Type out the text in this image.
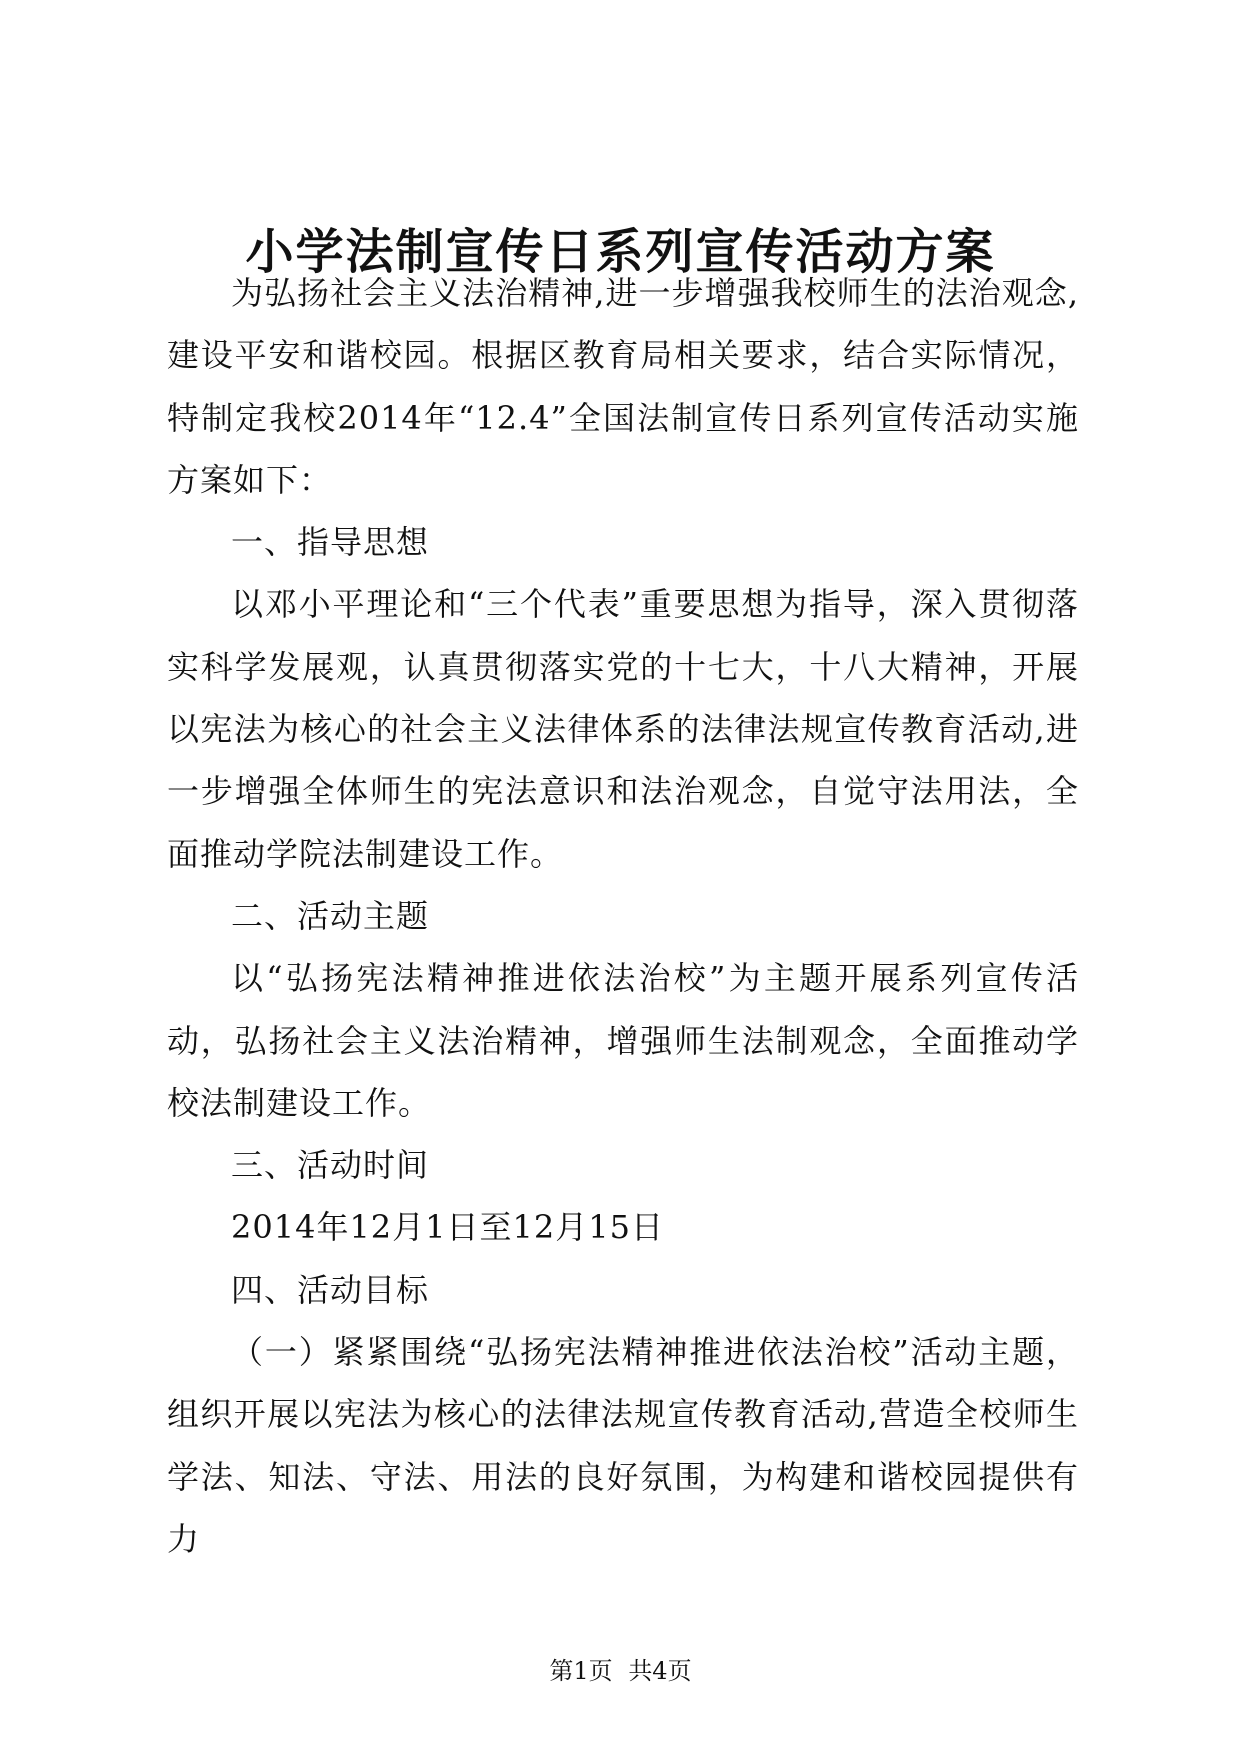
小学法制宣传日系列宣传活动方案

为弘扬社会主义法治精神,进一步增强我校师生的法治观念,建设平安和谐校园。根据区教育局相关要求，结合实际情况，特制定我校2014年“12.4”全国法制宣传日系列宣传活动实施方案如下：

一、指导思想

以邓小平理论和“三个代表”重要思想为指导，深入贯彻落实科学发展观，认真贯彻落实党的十七大，十八大精神，开展以宪法为核心的社会主义法律体系的法律法规宣传教育活动,进一步增强全体师生的宪法意识和法治观念，自觉守法用法，全面推动学院法制建设工作。

二、活动主题

以“弘扬宪法精神推进依法治校”为主题开展系列宣传活动，弘扬社会主义法治精神，增强师生法制观念，全面推动学校法制建设工作。

三、活动时间

2014年12月1日至12月15日

四、活动目标

（一）紧紧围绕“弘扬宪法精神推进依法治校”活动主题，组织开展以宪法为核心的法律法规宣传教育活动,营造全校师生学法、知法、守法、用法的良好氛围，为构建和谐校园提供有力

第1页 共4页
